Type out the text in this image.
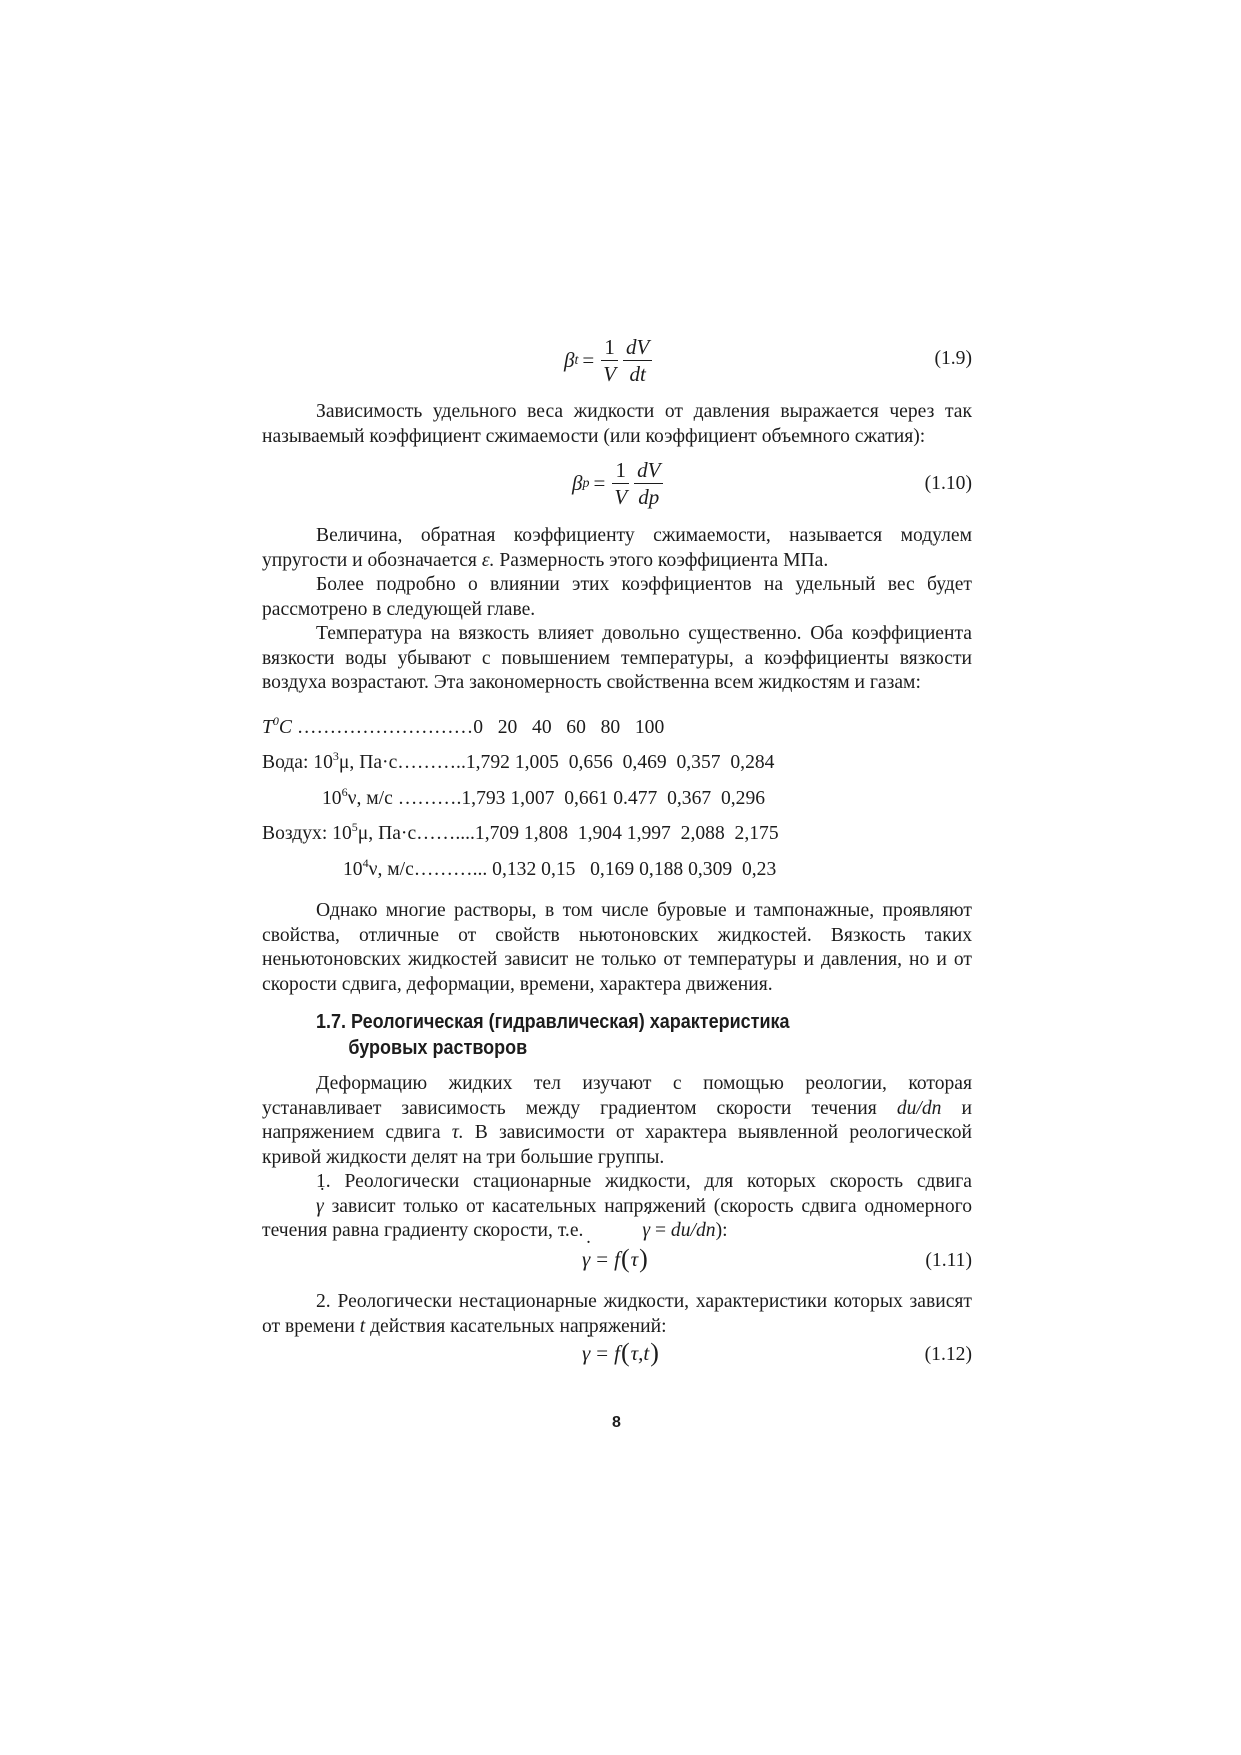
β $t = \frac{1}{V} \frac{dV}{dt}$	(1.9)

Зависимость удельного веса жидкости от давления выражается через так называемый коэффициент сжимаемости (или коэффициент объемного сжатия):

β $p = \frac{1}{V} \frac{dV}{dp}$	(1.10)

Величина, обратная коэффициенту сжимаемости, называется модулем упругости и обозначается ε. Размерность этого коэффициента МПа.

Более подробно о влиянии этих коэффициентов на удельный вес будет рассмотрено в следующей главе.

Температура на вязкость влияет довольно существенно. Оба коэффициента вязкости воды убывают с повышением температуры, а коэффициенты вязкости воздуха возрастают. Эта закономерность свойственна всем жидкостям и газам:

$T^0C$ ………………………0   20   40   60   80   100
Вода: $10^3\mu$, Па·с………..1,792 1,005  0,656  0,469  0,357  0,284
$10^6\nu$, м/с ……….1,793 1,007  0,661 0.477  0,367  0,296
Воздух: $10^5\mu$, Па·с……....1,709 1,808  1,904 1,997  2,088  2,175
$10^4\nu$, м/с………... 0,132 0,15   0,169 0,188 0,309  0,23

Однако многие растворы, в том числе буровые и тампонажные, проявляют свойства, отличные от свойств ньютоновских жидкостей. Вязкость таких неньютоновских жидкостей зависит не только от температуры и давления, но и от скорости сдвига, деформации, времени, характера движения.

1.7. Реологическая (гидравлическая) характеристика
буровых растворов

Деформацию жидких тел изучают с помощью реологии, которая устанавливает зависимость между градиентом скорости течения du/dn и напряжением сдвига τ. В зависимости от характера выявленной реологической кривой жидкости делят на три большие группы.

1. Реологически стационарные жидкости, для которых скорость сдвига ˙ γ зависит только от касательных напряжений (скорость сдвига одномерного течения равна градиенту скорости, т.е. ˙	γ = du/dn):

˙ γ = f ( τ )	(1.11)

2. Реологически нестационарные жидкости, характеристики которых зависят от времени t действия касательных напряжений:

˙ γ = f ( τ,t )	(1.12)
8
